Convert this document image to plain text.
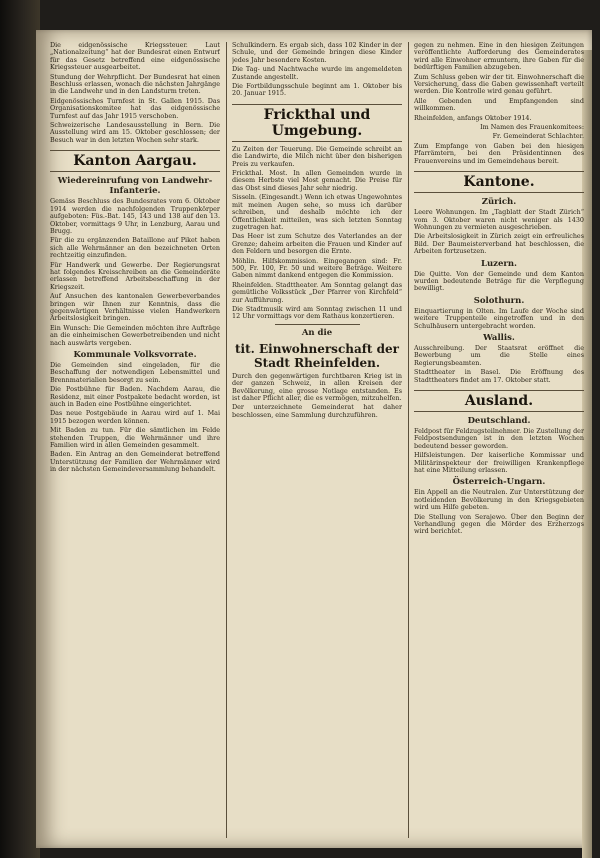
Die eidgenössische Kriegssteuer. Laut „Nationalzeitung“ hat der Bundesrat einen Entwurf für das Gesetz betreffend eine eidgenössische Kriegssteuer ausgearbeitet.

Stundung der Wehrpflicht. Der Bundesrat hat einen Beschluss erlassen, wonach die nächsten Jahrgänge in die Landwehr und in den Landsturm treten.

Eidgenössisches Turnfest in St. Gallen 1915. Das Organisationskomitee hat das eidgenössische Turnfest auf das Jahr 1915 verschoben.

Schweizerische Landesausstellung in Bern. Die Ausstellung wird am 15. Oktober geschlossen; der Besuch war in den letzten Wochen sehr stark.

Kanton Aargau.
Wiedereinrufung von Landwehr-Infanterie.

Gemäss Beschluss des Bundesrates vom 6. Oktober 1914 werden die nachfolgenden Truppenkörper aufgeboten: Füs.-Bat. 145, 143 und 138 auf den 13. Oktober, vormittags 9 Uhr, in Lenzburg, Aarau und Brugg.

Für die zu ergänzenden Bataillone auf Piket haben sich alle Wehrmänner an den bezeichneten Orten rechtzeitig einzufinden.

Für Handwerk und Gewerbe. Der Regierungsrat hat folgendes Kreisschreiben an die Gemeinderäte erlassen betreffend Arbeitsbeschaffung in der Kriegszeit.

Auf Ansuchen des kantonalen Gewerbeverbandes bringen wir Ihnen zur Kenntnis, dass die gegenwärtigen Verhältnisse vielen Handwerkern Arbeitslosigkeit bringen.

Ein Wunsch: Die Gemeinden möchten ihre Aufträge an die einheimischen Gewerbetreibenden und nicht nach auswärts vergeben.

Kommunale Volksvorrate.

Die Gemeinden sind eingeladen, für die Beschaffung der notwendigen Lebensmittel und Brennmaterialien besorgt zu sein.

Die Postbühne für Baden. Nachdem Aarau, die Residenz, mit einer Postpakete bedacht worden, ist auch in Baden eine Postbühne eingerichtet.

Das neue Postgebäude in Aarau wird auf 1. Mai 1915 bezogen werden können.

Mit Baden zu tun. Für die sämtlichen im Felde stehenden Truppen, die Wehrmänner und ihre Familien wird in allen Gemeinden gesammelt.

Baden. Ein Antrag an den Gemeinderat betreffend Unterstützung der Familien der Wehrmänner wird in der nächsten Gemeindeversammlung behandelt.

Schulkindern. Es ergab sich, dass 102 Kinder in der Schule, und der Gemeinde bringen diese Kinder jedes Jahr besondere Kosten.

Die Tag- und Nachtwache wurde im angemeldeten Zustande angestellt.

Die Fortbildungsschule beginnt am 1. Oktober bis 20. Januar 1915.

Frickthal und Umgebung.

Zu Zeiten der Teuerung. Die Gemeinde schreibt an die Landwirte, die Milch nicht über den bisherigen Preis zu verkaufen.

Frickthal. Most. In allen Gemeinden wurde in diesem Herbste viel Most gemacht. Die Preise für das Obst sind dieses Jahr sehr niedrig.

Sisseln. (Eingesandt.) Wenn ich etwas Ungewohntes mit meinen Augen sehe, so muss ich darüber schreiben, und deshalb möchte ich der Öffentlichkeit mitteilen, was sich letzten Sonntag zugetragen hat.

Das Heer ist zum Schutze des Vaterlandes an der Grenze; daheim arbeiten die Frauen und Kinder auf den Feldern und besorgen die Ernte.

Möhlin. Hilfskommission. Eingegangen sind: Fr. 500, Fr. 100, Fr. 50 und weitere Beträge. Weitere Gaben nimmt dankend entgegen die Kommission.

Rheinfelden. Stadttheater. Am Sonntag gelangt das gemütliche Volksstück „Der Pfarrer von Kirchfeld“ zur Aufführung.

Die Stadtmusik wird am Sonntag zwischen 11 und 12 Uhr vormittags vor dem Rathaus konzertieren.

An die
tit. Einwohnerschaft der Stadt Rheinfelden.

Durch den gegenwärtigen furchtbaren Krieg ist in der ganzen Schweiz, in allen Kreisen der Bevölkerung, eine grosse Notlage entstanden. Es ist daher Pflicht aller, die es vermögen, mitzuhelfen.

Der unterzeichnete Gemeinderat hat daher beschlossen, eine Sammlung durchzuführen.

gegen zu nehmen. Eine in den hiesigen Zeitungen veröffentlichte Aufforderung des Gemeinderates wird alle Einwohner ermuntern, ihre Gaben für die bedürftigen Familien abzugeben.

Zum Schluss geben wir der tit. Einwohnerschaft die Versicherung, dass die Gaben gewissenhaft verteilt werden. Die Kontrolle wird genau geführt.

Alle Gebenden und Empfangenden sind willkommen.

Rheinfelden, anfangs Oktober 1914.

Im Namen des Frauenkomitees:
Fr. Gemeinderat Schlachter.

Zum Empfange von Gaben bei den hiesigen Pfarrämtern, bei den Präsidentinnen des Frauenvereins und im Gemeindehaus bereit.

Kantone.
Zürich.

Leere Wohnungen. Im „Tagblatt der Stadt Zürich“ vom 3. Oktober waren nicht weniger als 1430 Wohnungen zu vermieten ausgeschrieben.

Die Arbeitslosigkeit in Zürich zeigt ein erfreuliches Bild. Der Baumeisterverband hat beschlossen, die Arbeiten fortzusetzen.

Luzern.

Die Quitte. Von der Gemeinde und dem Kanton wurden bedeutende Beträge für die Verpflegung bewilligt.

Solothurn.

Einquartierung in Olten. Im Laufe der Woche sind weitere Truppenteile eingetroffen und in den Schulhäusern untergebracht worden.

Wallis.

Ausschreibung. Der Staatsrat eröffnet die Bewerbung um die Stelle eines Regierungsbeamten.

Stadttheater in Basel. Die Eröffnung des Stadttheaters findet am 17. Oktober statt.

Ausland.
Deutschland.

Feldpost für Feldzugsteilnehmer. Die Zustellung der Feldpostsendungen ist in den letzten Wochen bedeutend besser geworden.

Hilfsleistungen. Der kaiserliche Kommissar und Militärinspekteur der freiwilligen Krankenpflege hat eine Mitteilung erlassen.

Österreich-Ungarn.

Ein Appell an die Neutralen. Zur Unterstützung der notleidenden Bevölkerung in den Kriegsgebieten wird um Hilfe gebeten.

Die Stellung von Serajewo. Über den Beginn der Verhandlung gegen die Mörder des Erzherzogs wird berichtet.
